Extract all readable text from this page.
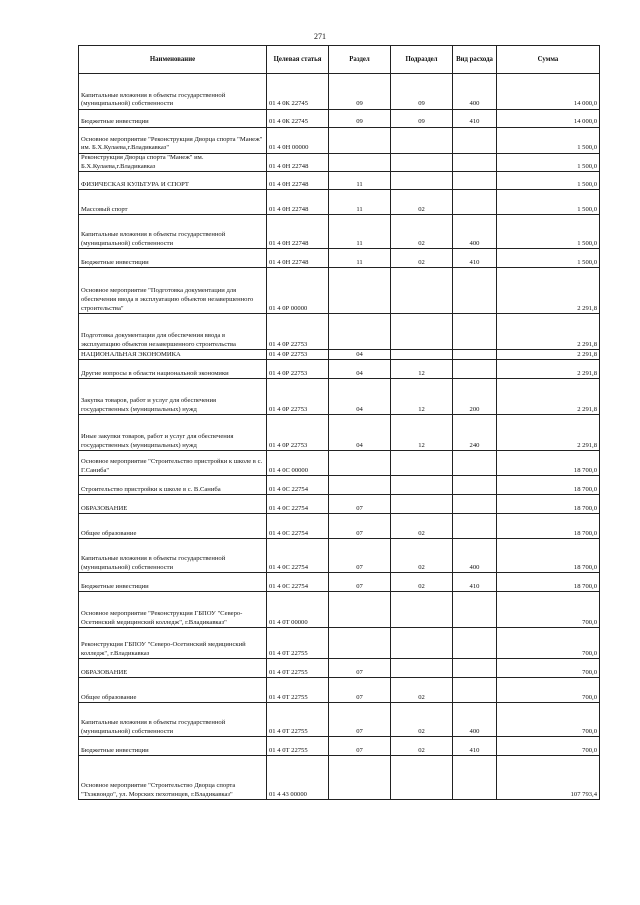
271
Наименование	Целевая статья	Раздел	Подраздел	Вид расхода	Сумма
Капитальные вложения в объекты государственной (муниципальной) собственности	01 4 0К 22745	09	09	400	14 000,0
Бюджетные инвестиции	01 4 0К 22745	09	09	410	14 000,0
Основное мероприятие "Реконструкция Дворца спорта "Манеж" им. Б.Х.Кулаева,г.Владикавказ"	01 4 0Н 00000				1 500,0
Реконструкция Дворца спорта "Манеж" им. Б.Х.Кулаева,г.Владикавказ	01 4 0Н 22748				1 500,0
ФИЗИЧЕСКАЯ КУЛЬТУРА И СПОРТ	01 4 0Н 22748	11			1 500,0
Массовый спорт	01 4 0Н 22748	11	02		1 500,0
Капитальные вложения в объекты государственной (муниципальной) собственности	01 4 0Н 22748	11	02	400	1 500,0
Бюджетные инвестиции	01 4 0Н 22748	11	02	410	1 500,0
Основное мероприятие "Подготовка документации для обеспечения ввода в эксплуатацию объектов незавершенного строительства"	01 4 0Р 00000				2 291,8
Подготовка документации для обеспечения ввода в эксплуатацию объектов незавершенного строительства	01 4 0Р 22753				2 291,8
НАЦИОНАЛЬНАЯ ЭКОНОМИКА	01 4 0Р 22753	04			2 291,8
Другие вопросы в области национальной экономики	01 4 0Р 22753	04	12		2 291,8
Закупка товаров, работ и услуг для обеспечения государственных (муниципальных) нужд	01 4 0Р 22753	04	12	200	2 291,8
Иные закупки товаров, работ и услуг для обеспечения государственных (муниципальных) нужд	01 4 0Р 22753	04	12	240	2 291,8
Основное мероприятие "Строительство пристройки к школе в с. Г.Санибa"	01 4 0С 00000				18 700,0
Строительство пристройки к школе в с. В.Санибa	01 4 0С 22754				18 700,0
ОБРАЗОВАНИЕ	01 4 0С 22754	07			18 700,0
Общее образование	01 4 0С 22754	07	02		18 700,0
Капитальные вложения в объекты государственной (муниципальной) собственности	01 4 0С 22754	07	02	400	18 700,0
Бюджетные инвестиции	01 4 0С 22754	07	02	410	18 700,0
Основное мероприятие "Реконструкция ГБПОУ "Северо-Осетинский медицинский колледж", г.Владикавказ"	01 4 0Т 00000				700,0
Реконструкция ГБПОУ "Северо-Осетинский медицинский колледж", г.Владикавказ	01 4 0Т 22755				700,0
ОБРАЗОВАНИЕ	01 4 0Т 22755	07			700,0
Общее образование	01 4 0Т 22755	07	02		700,0
Капитальные вложения в объекты государственной (муниципальной) собственности	01 4 0Т 22755	07	02	400	700,0
Бюджетные инвестиции	01 4 0Т 22755	07	02	410	700,0
Основное мероприятие "Строительство Дворца спорта "Тхэквондо", ул. Морских пехотинцев, г.Владикавказ"	01 4 43 00000				107 793,4
